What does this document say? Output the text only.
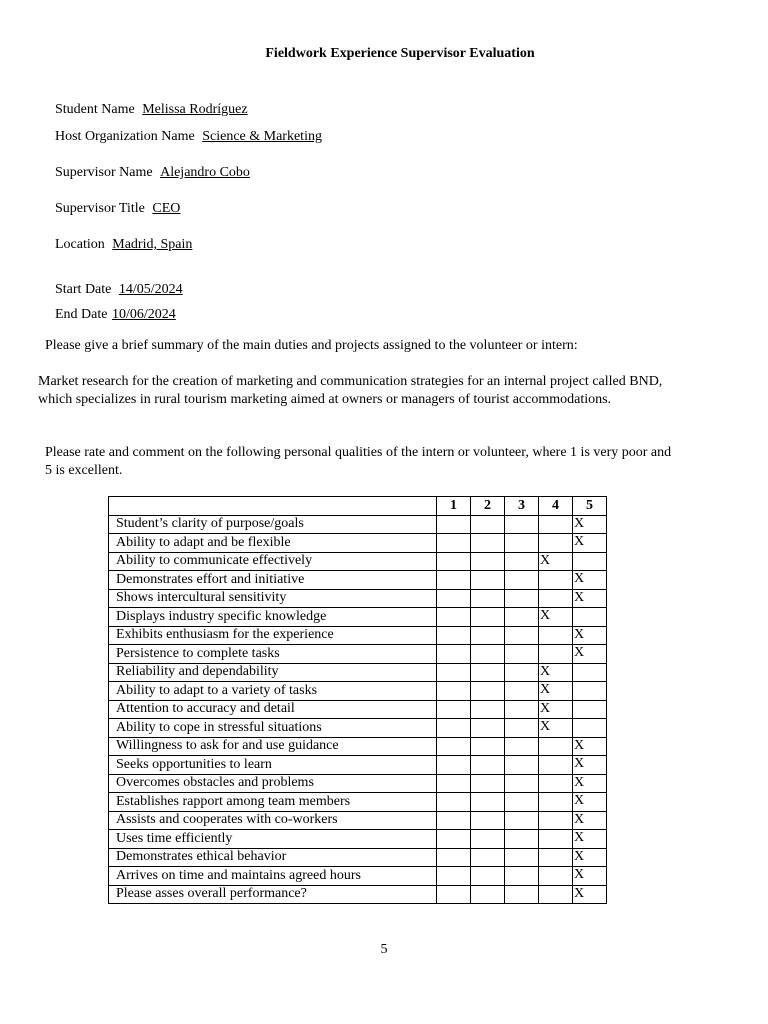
Fieldwork Experience Supervisor Evaluation
Student Name Melissa Rodríguez
Host Organization Name Science & Marketing
Supervisor Name Alejandro Cobo
Supervisor Title CEO
Location Madrid, Spain
Start Date 14/05/2024
End Date 10/06/2024
Please give a brief summary of the main duties and projects assigned to the volunteer or intern:
Market research for the creation of marketing and communication strategies for an internal project called BND,
which specializes in rural tourism marketing aimed at owners or managers of tourist accommodations.
Please rate and comment on the following personal qualities of the intern or volunteer, where 1 is very poor and
5 is excellent.
	1	2	3	4	5
Student’s clarity of purpose/goals					X
Ability to adapt and be flexible					X
Ability to communicate effectively				X	
Demonstrates effort and initiative					X
Shows intercultural sensitivity					X
Displays industry specific knowledge				X	
Exhibits enthusiasm for the experience					X
Persistence to complete tasks					X
Reliability and dependability				X	
Ability to adapt to a variety of tasks				X	
Attention to accuracy and detail				X	
Ability to cope in stressful situations				X	
Willingness to ask for and use guidance					X
Seeks opportunities to learn					X
Overcomes obstacles and problems					X
Establishes rapport among team members					X
Assists and cooperates with co-workers					X
Uses time efficiently					X
Demonstrates ethical behavior					X
Arrives on time and maintains agreed hours					X
Please asses overall performance?					X
5
